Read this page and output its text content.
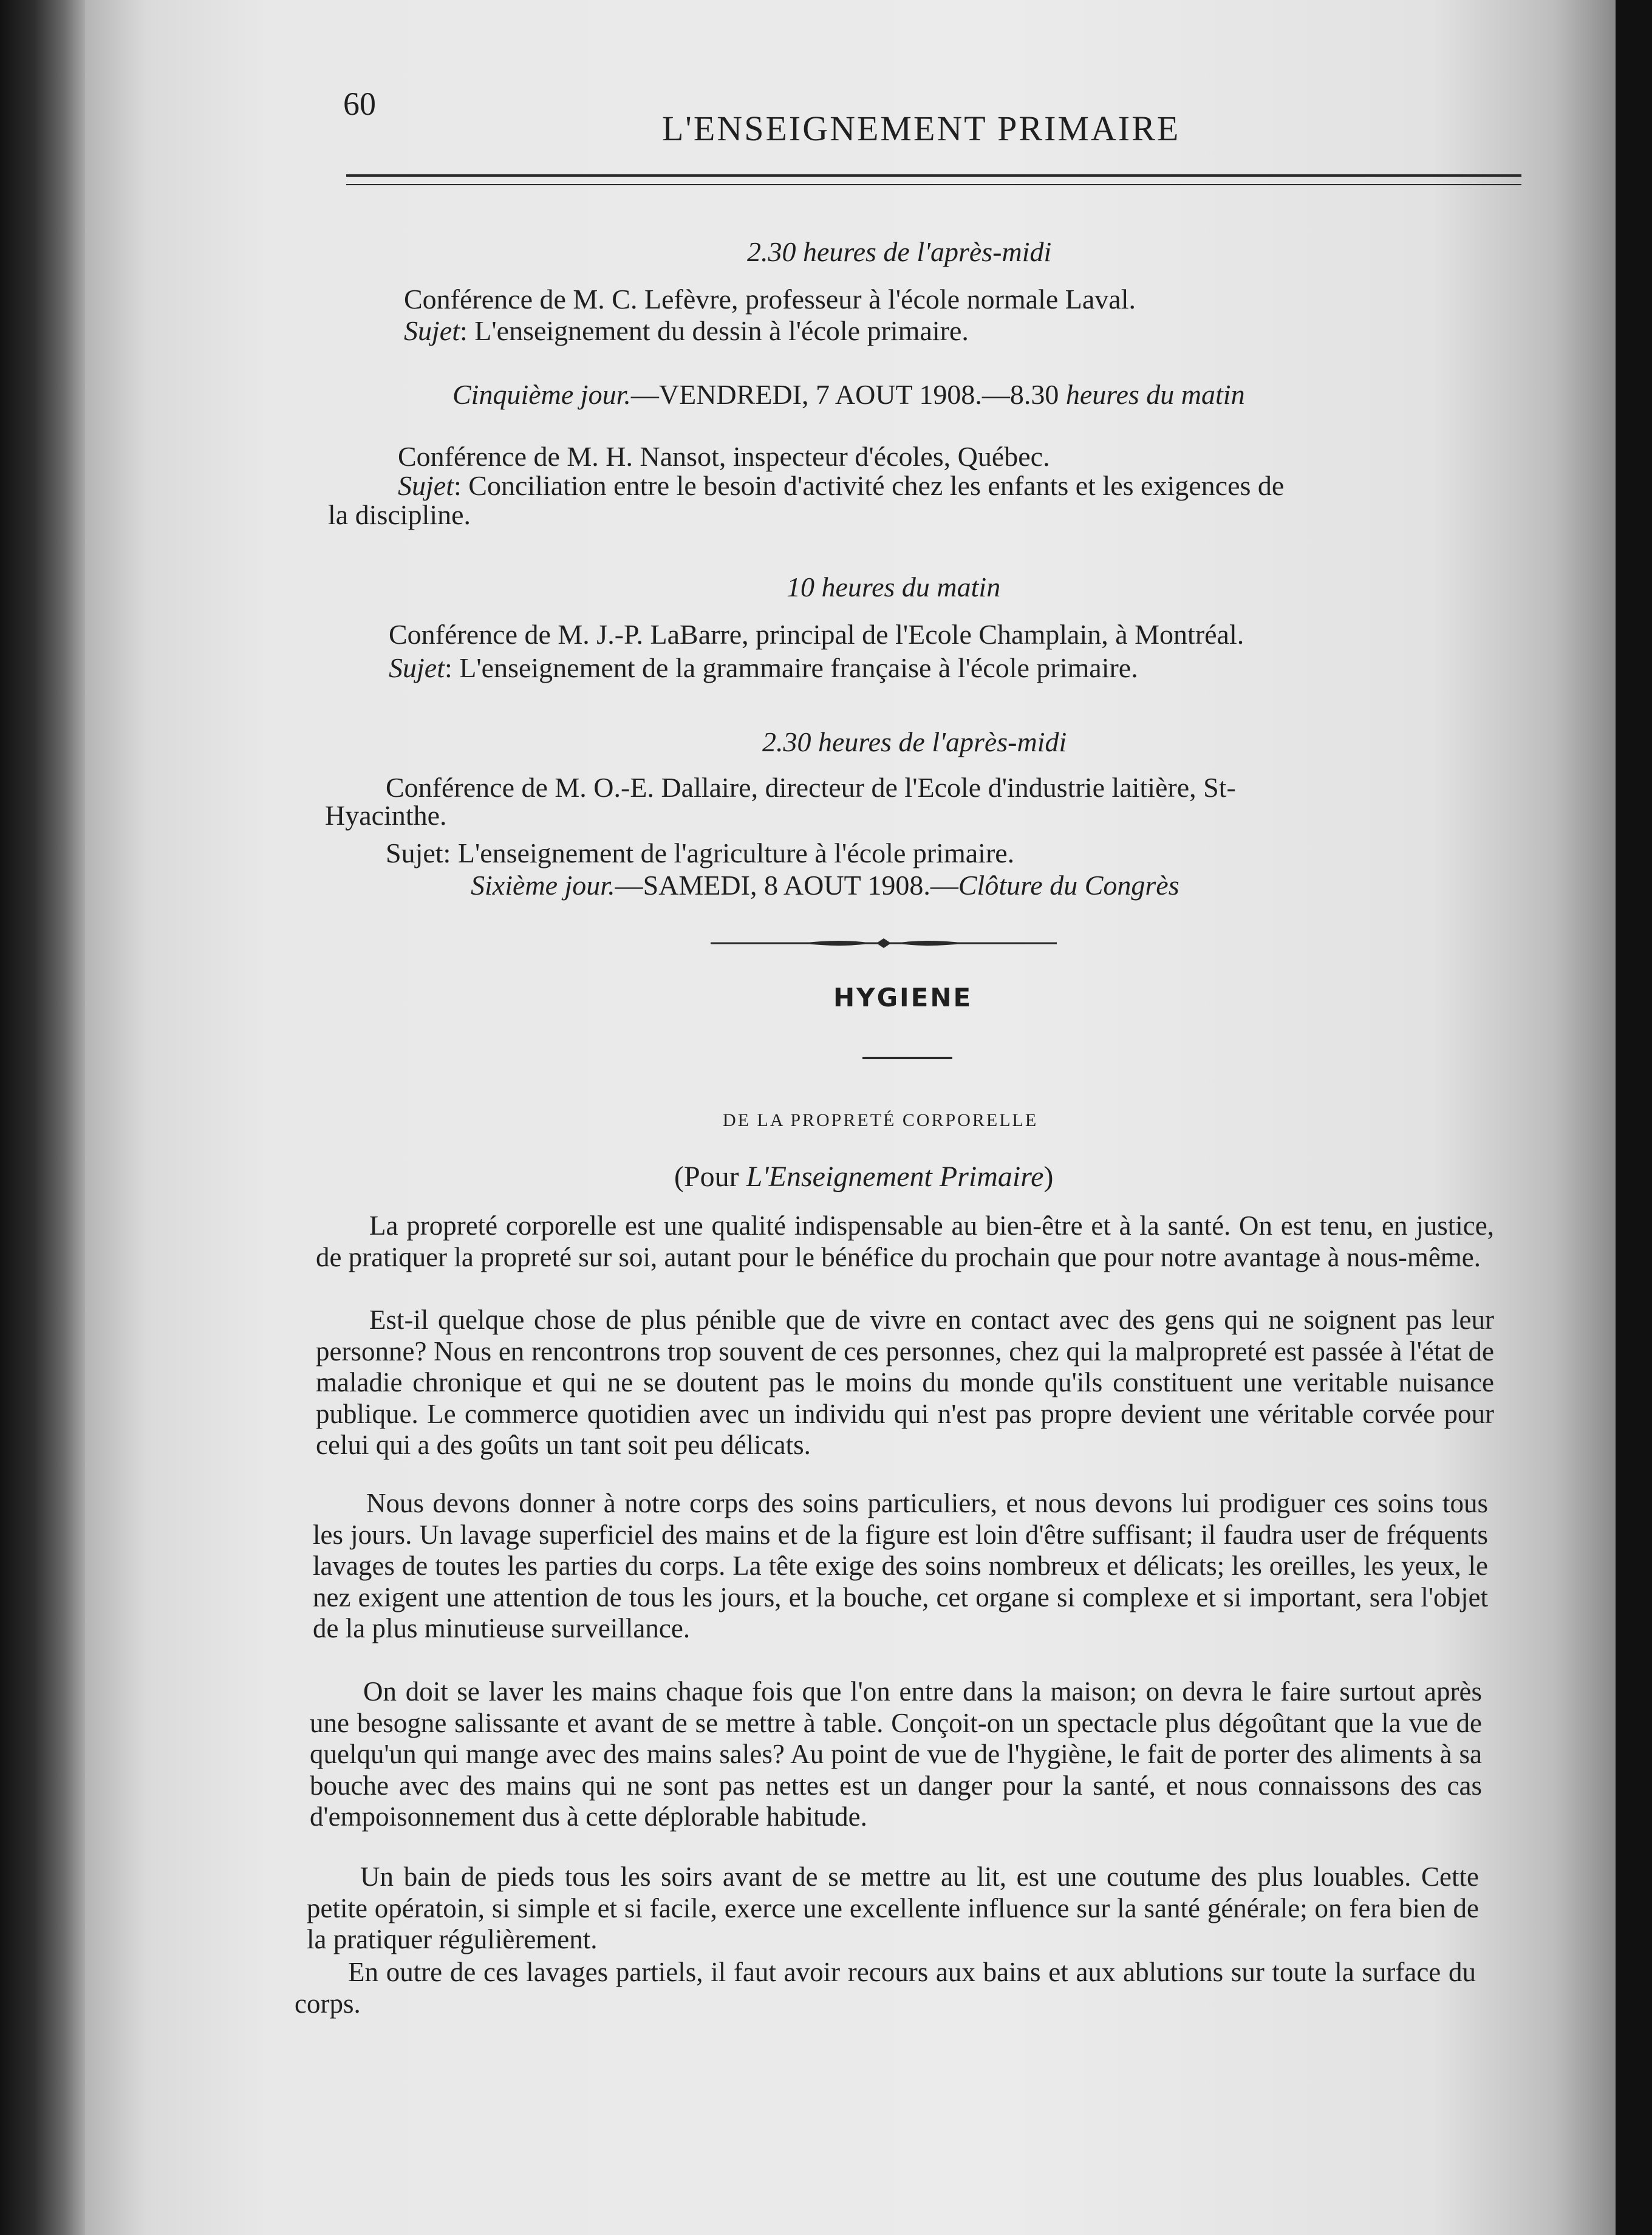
60
L'ENSEIGNEMENT PRIMAIRE
2.30 heures de l'après-midi
Conférence de M. C. Lefèvre, professeur à l'école normale Laval.
Sujet: L'enseignement du dessin à l'école primaire.
Cinquième jour.—VENDREDI, 7 AOUT 1908.—8.30 heures du matin
Conférence de M. H. Nansot, inspecteur d'écoles, Québec.
Sujet: Conciliation entre le besoin d'activité chez les enfants et les exigences de
la discipline.
10 heures du matin
Conférence de M. J.-P. LaBarre, principal de l'Ecole Champlain, à Montréal.
Sujet: L'enseignement de la grammaire française à l'école primaire.
2.30 heures de l'après-midi
Conférence de M. O.-E. Dallaire, directeur de l'Ecole d'industrie laitière, St-
Hyacinthe.
Sujet: L'enseignement de l'agriculture à l'école primaire.
Sixième jour.—SAMEDI, 8 AOUT 1908.—Clôture du Congrès
HYGIENE
DE LA PROPRETÉ CORPORELLE
(Pour L'Enseignement Primaire)
La propreté corporelle est une qualité indispensable au bien-être et à la santé. On est tenu, en justice, de pratiquer la propreté sur soi, autant pour le bénéfice du prochain que pour notre avantage à nous-même.
Est-il quelque chose de plus pénible que de vivre en contact avec des gens qui ne soignent pas leur personne? Nous en rencontrons trop souvent de ces personnes, chez qui la malpropreté est passée à l'état de maladie chronique et qui ne se doutent pas le moins du monde qu'ils constituent une veritable nuisance publique. Le commerce quotidien avec un individu qui n'est pas propre devient une véritable corvée pour celui qui a des goûts un tant soit peu délicats.
Nous devons donner à notre corps des soins particuliers, et nous devons lui prodiguer ces soins tous les jours. Un lavage superficiel des mains et de la figure est loin d'être suffisant; il faudra user de fréquents lavages de toutes les parties du corps. La tête exige des soins nombreux et délicats; les oreilles, les yeux, le nez exigent une attention de tous les jours, et la bouche, cet organe si complexe et si important, sera l'objet de la plus minutieuse surveillance.
On doit se laver les mains chaque fois que l'on entre dans la maison; on devra le faire surtout après une besogne salissante et avant de se mettre à table. Conçoit-on un spectacle plus dégoûtant que la vue de quelqu'un qui mange avec des mains sales? Au point de vue de l'hygiène, le fait de porter des aliments à sa bouche avec des mains qui ne sont pas nettes est un danger pour la santé, et nous connaissons des cas d'empoisonnement dus à cette déplorable habitude.
Un bain de pieds tous les soirs avant de se mettre au lit, est une coutume des plus louables. Cette petite opératoin, si simple et si facile, exerce une excellente influence sur la santé générale; on fera bien de la pratiquer régulièrement.
En outre de ces lavages partiels, il faut avoir recours aux bains et aux ablutions sur toute la surface du corps.
